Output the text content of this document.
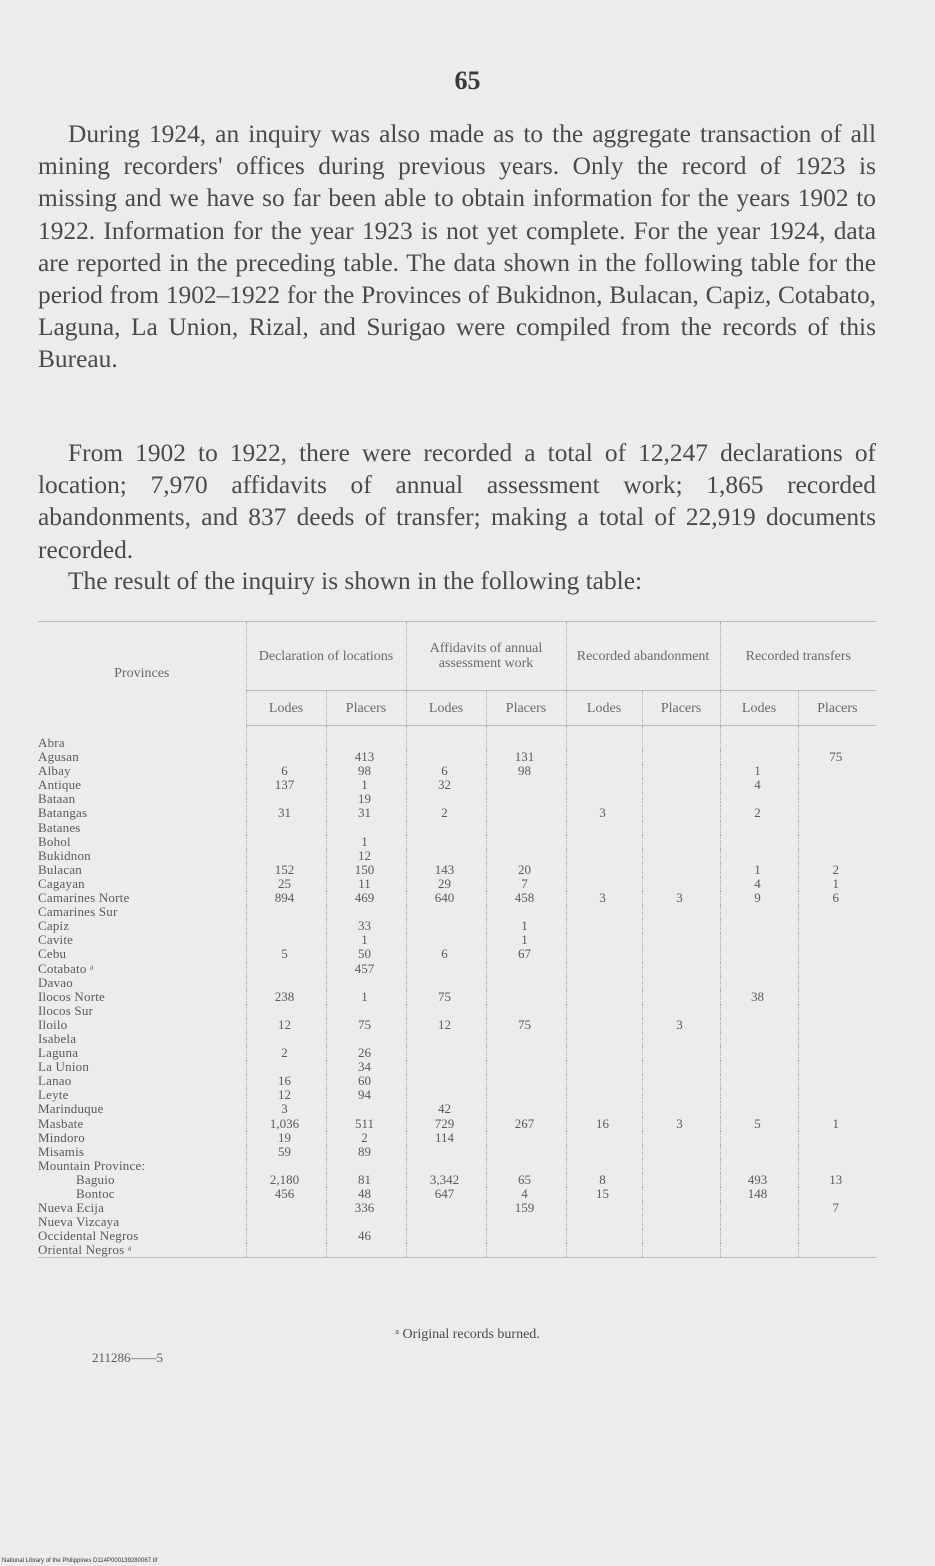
65

During 1924, an inquiry was also made as to the aggregate transaction of all mining recorders' offices during previous years. Only the record of 1923 is missing and we have so far been able to obtain information for the years 1902 to 1922. Information for the year 1923 is not yet complete. For the year 1924, data are reported in the preceding table. The data shown in the following table for the period from 1902–1922 for the Provinces of Bukidnon, Bulacan, Capiz, Cotabato, Laguna, La Union, Rizal, and Surigao were compiled from the records of this Bureau.

From 1902 to 1922, there were recorded a total of 12,247 declarations of location; 7,970 affidavits of annual assessment work; 1,865 recorded abandonments, and 837 deeds of transfer; making a total of 22,919 documents recorded.

The result of the inquiry is shown in the following table:

Provinces	Declaration of locations		Affidavits of annual assessment work		Recorded abandonment		Recorded transfers	
	Lodes	Placers	Lodes	Placers	Lodes	Placers	Lodes	Placers
Abra								
Agusan		413		131				75
Albay	6	98	6	98			1	
Antique	137	1	32				4	
Bataan		19						
Batangas	31	31	2		3		2	
Batanes								
Bohol		1						
Bukidnon		12						
Bulacan	152	150	143	20			1	2
Cagayan	25	11	29	7			4	1
Camarines Norte	894	469	640	458	3	3	9	6
Camarines Sur								
Capiz		33		1				
Cavite		1		1				
Cebu	5	50	6	67				
Cotabato ᵃ		457						
Davao								
Ilocos Norte	238	1	75				38	
Ilocos Sur								
Iloilo	12	75	12	75		3		
Isabela								
Laguna	2	26						
La Union		34						
Lanao	16	60						
Leyte	12	94						
Marinduque	3		42					
Masbate	1,036	511	729	267	16	3	5	1
Mindoro	19	2	114					
Misamis	59	89						
Mountain Province:								
Baguio	2,180	81	3,342	65	8		493	13
Bontoc	456	48	647	4	15		148	
Nueva Ecija		336		159				7
Nueva Vizcaya								
Occidental Negros		46						
Oriental Negros ᵃ								
ᵃ Original records burned.
211286——5
National Library of the Philippines D114P000139280067.tif
